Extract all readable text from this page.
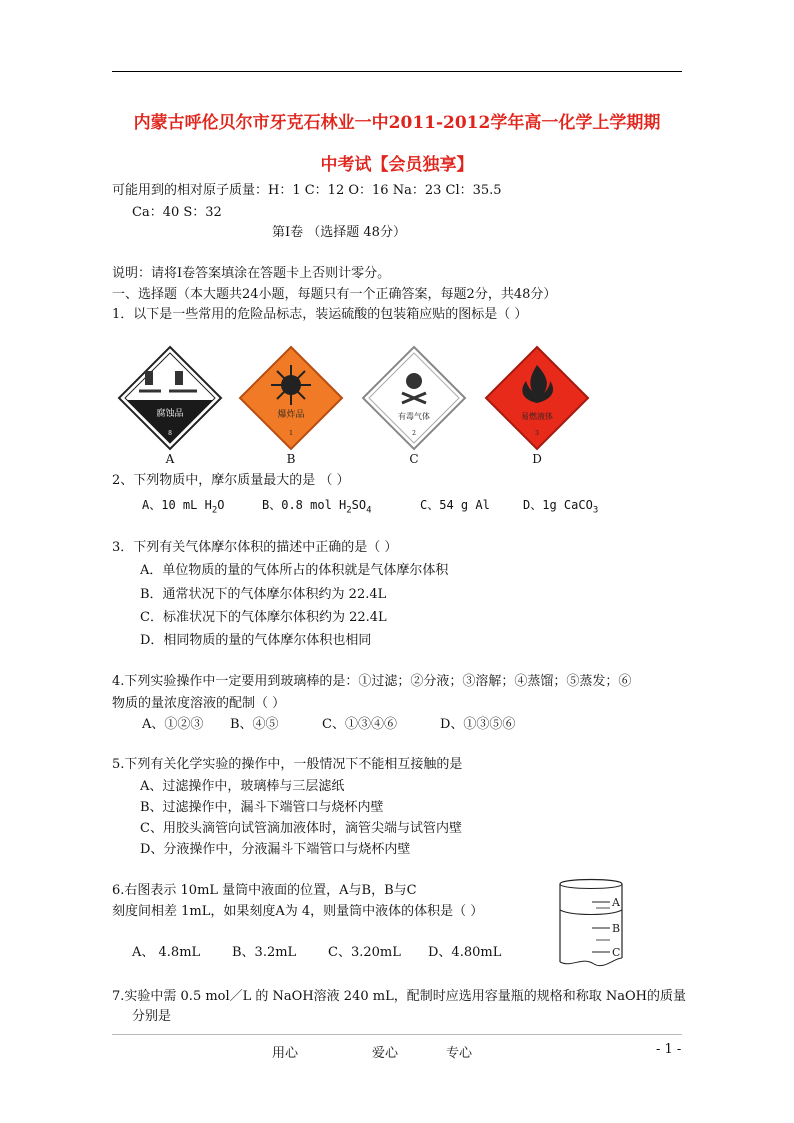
内蒙古呼伦贝尔市牙克石林业一中2011-2012学年高一化学上学期期
中考试【会员独享】
可能用到的相对原子质量：H：1 C：12 O：16 Na：23 Cl：35.5
Ca：40 S：32
第Ⅰ卷 （选择题 48分）
说明：请将Ⅰ卷答案填涂在答题卡上否则计零分。
一、选择题（本大题共24小题，每题只有一个正确答案，每题2分，共48分）
1．以下是一些常用的危险品标志，装运硫酸的包装箱应贴的图标是（ ）
腐蚀品
8
爆炸品
1
有毒气体
2
易燃液体
3
A	B	C	D
2、下列物质中，摩尔质量最大的是 （ ）
A、10 mL $H_2O$	B、0.8 mol $H_2SO_4$	C、54 g Al	D、1g CaCO$_3$
3．下列有关气体摩尔体积的描述中正确的是（ ）
A．单位物质的量的气体所占的体积就是气体摩尔体积
B．通常状况下的气体摩尔体积约为 22.4L
C．标准状况下的气体摩尔体积约为 22.4L
D．相同物质的量的气体摩尔体积也相同
4.下列实验操作中一定要用到玻璃棒的是：①过滤；②分液；③溶解；④蒸馏；⑤蒸发；⑥
物质的量浓度溶液的配制（ ）
A、①②③ B、④⑤	C、①③④⑥	D、①③⑤⑥
5.下列有关化学实验的操作中，一般情况下不能相互接触的是
A、过滤操作中，玻璃棒与三层滤纸
B、过滤操作中，漏斗下端管口与烧杯内壁
C、用胶头滴管向试管滴加液体时，滴管尖端与试管内壁
D、分液操作中，分液漏斗下端管口与烧杯内壁
6.右图表示 10mL 量筒中液面的位置，A与B，B与C
刻度间相差 1mL，如果刻度A为 4，则量筒中液体的体积是（ ）
A、 4.8mL B、3.2mL C、3.20mL D、4.80mL
A
B
C
7.实验中需 0.5 mol／L 的 NaOH溶液 240 mL，配制时应选用容量瓶的规格和称取 NaOH的质量
分别是
用心	爱心	专心	- 1 -
